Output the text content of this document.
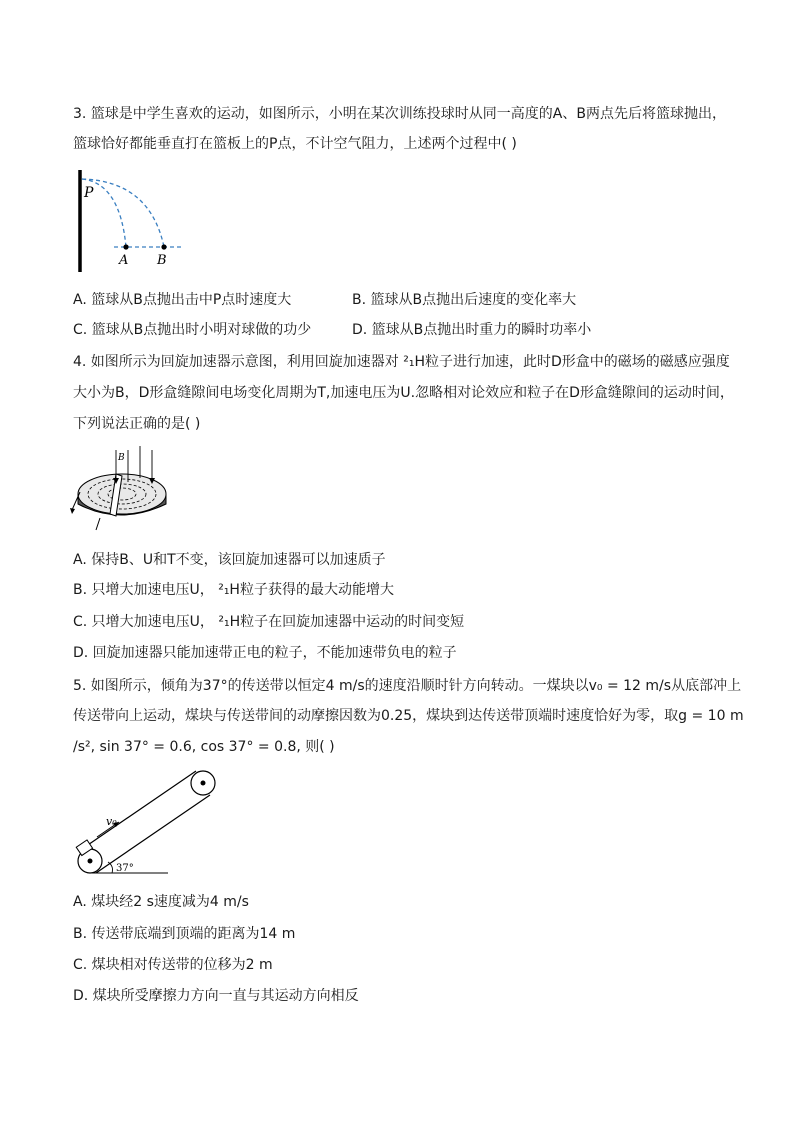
3. 篮球是中学生喜欢的运动，如图所示，小明在某次训练投球时从同一高度的A、B两点先后将篮球抛出，
篮球恰好都能垂直打在篮板上的P点，不计空气阻力，上述两个过程中( )
P
A B
A. 篮球从B点抛出击中P点时速度大	B. 篮球从B点抛出后速度的变化率大
C. 篮球从B点抛出时小明对球做的功少	D. 篮球从B点抛出时重力的瞬时功率小
4. 如图所示为回旋加速器示意图，利用回旋加速器对 ²₁H粒子进行加速，此时D形盒中的磁场的磁感应强度
大小为B，D形盒缝隙间电场变化周期为T,加速电压为U.忽略相对论效应和粒子在D形盒缝隙间的运动时间，
下列说法正确的是( )
B
A. 保持B、U和T不变，该回旋加速器可以加速质子
B. 只增大加速电压U， ²₁H粒子获得的最大动能增大
C. 只增大加速电压U， ²₁H粒子在回旋加速器中运动的时间变短
D. 回旋加速器只能加速带正电的粒子，不能加速带负电的粒子
5. 如图所示，倾角为37°的传送带以恒定4 m/s的速度沿顺时针方向转动。一煤块以v₀ = 12 m/s从底部冲上
传送带向上运动，煤块与传送带间的动摩擦因数为0.25，煤块到达传送带顶端时速度恰好为零，取g = 10 m
/s², sin 37° = 0.6, cos 37° = 0.8, 则( )
v₀
37°
A. 煤块经2 s速度减为4 m/s
B. 传送带底端到顶端的距离为14 m
C. 煤块相对传送带的位移为2 m
D. 煤块所受摩擦力方向一直与其运动方向相反
